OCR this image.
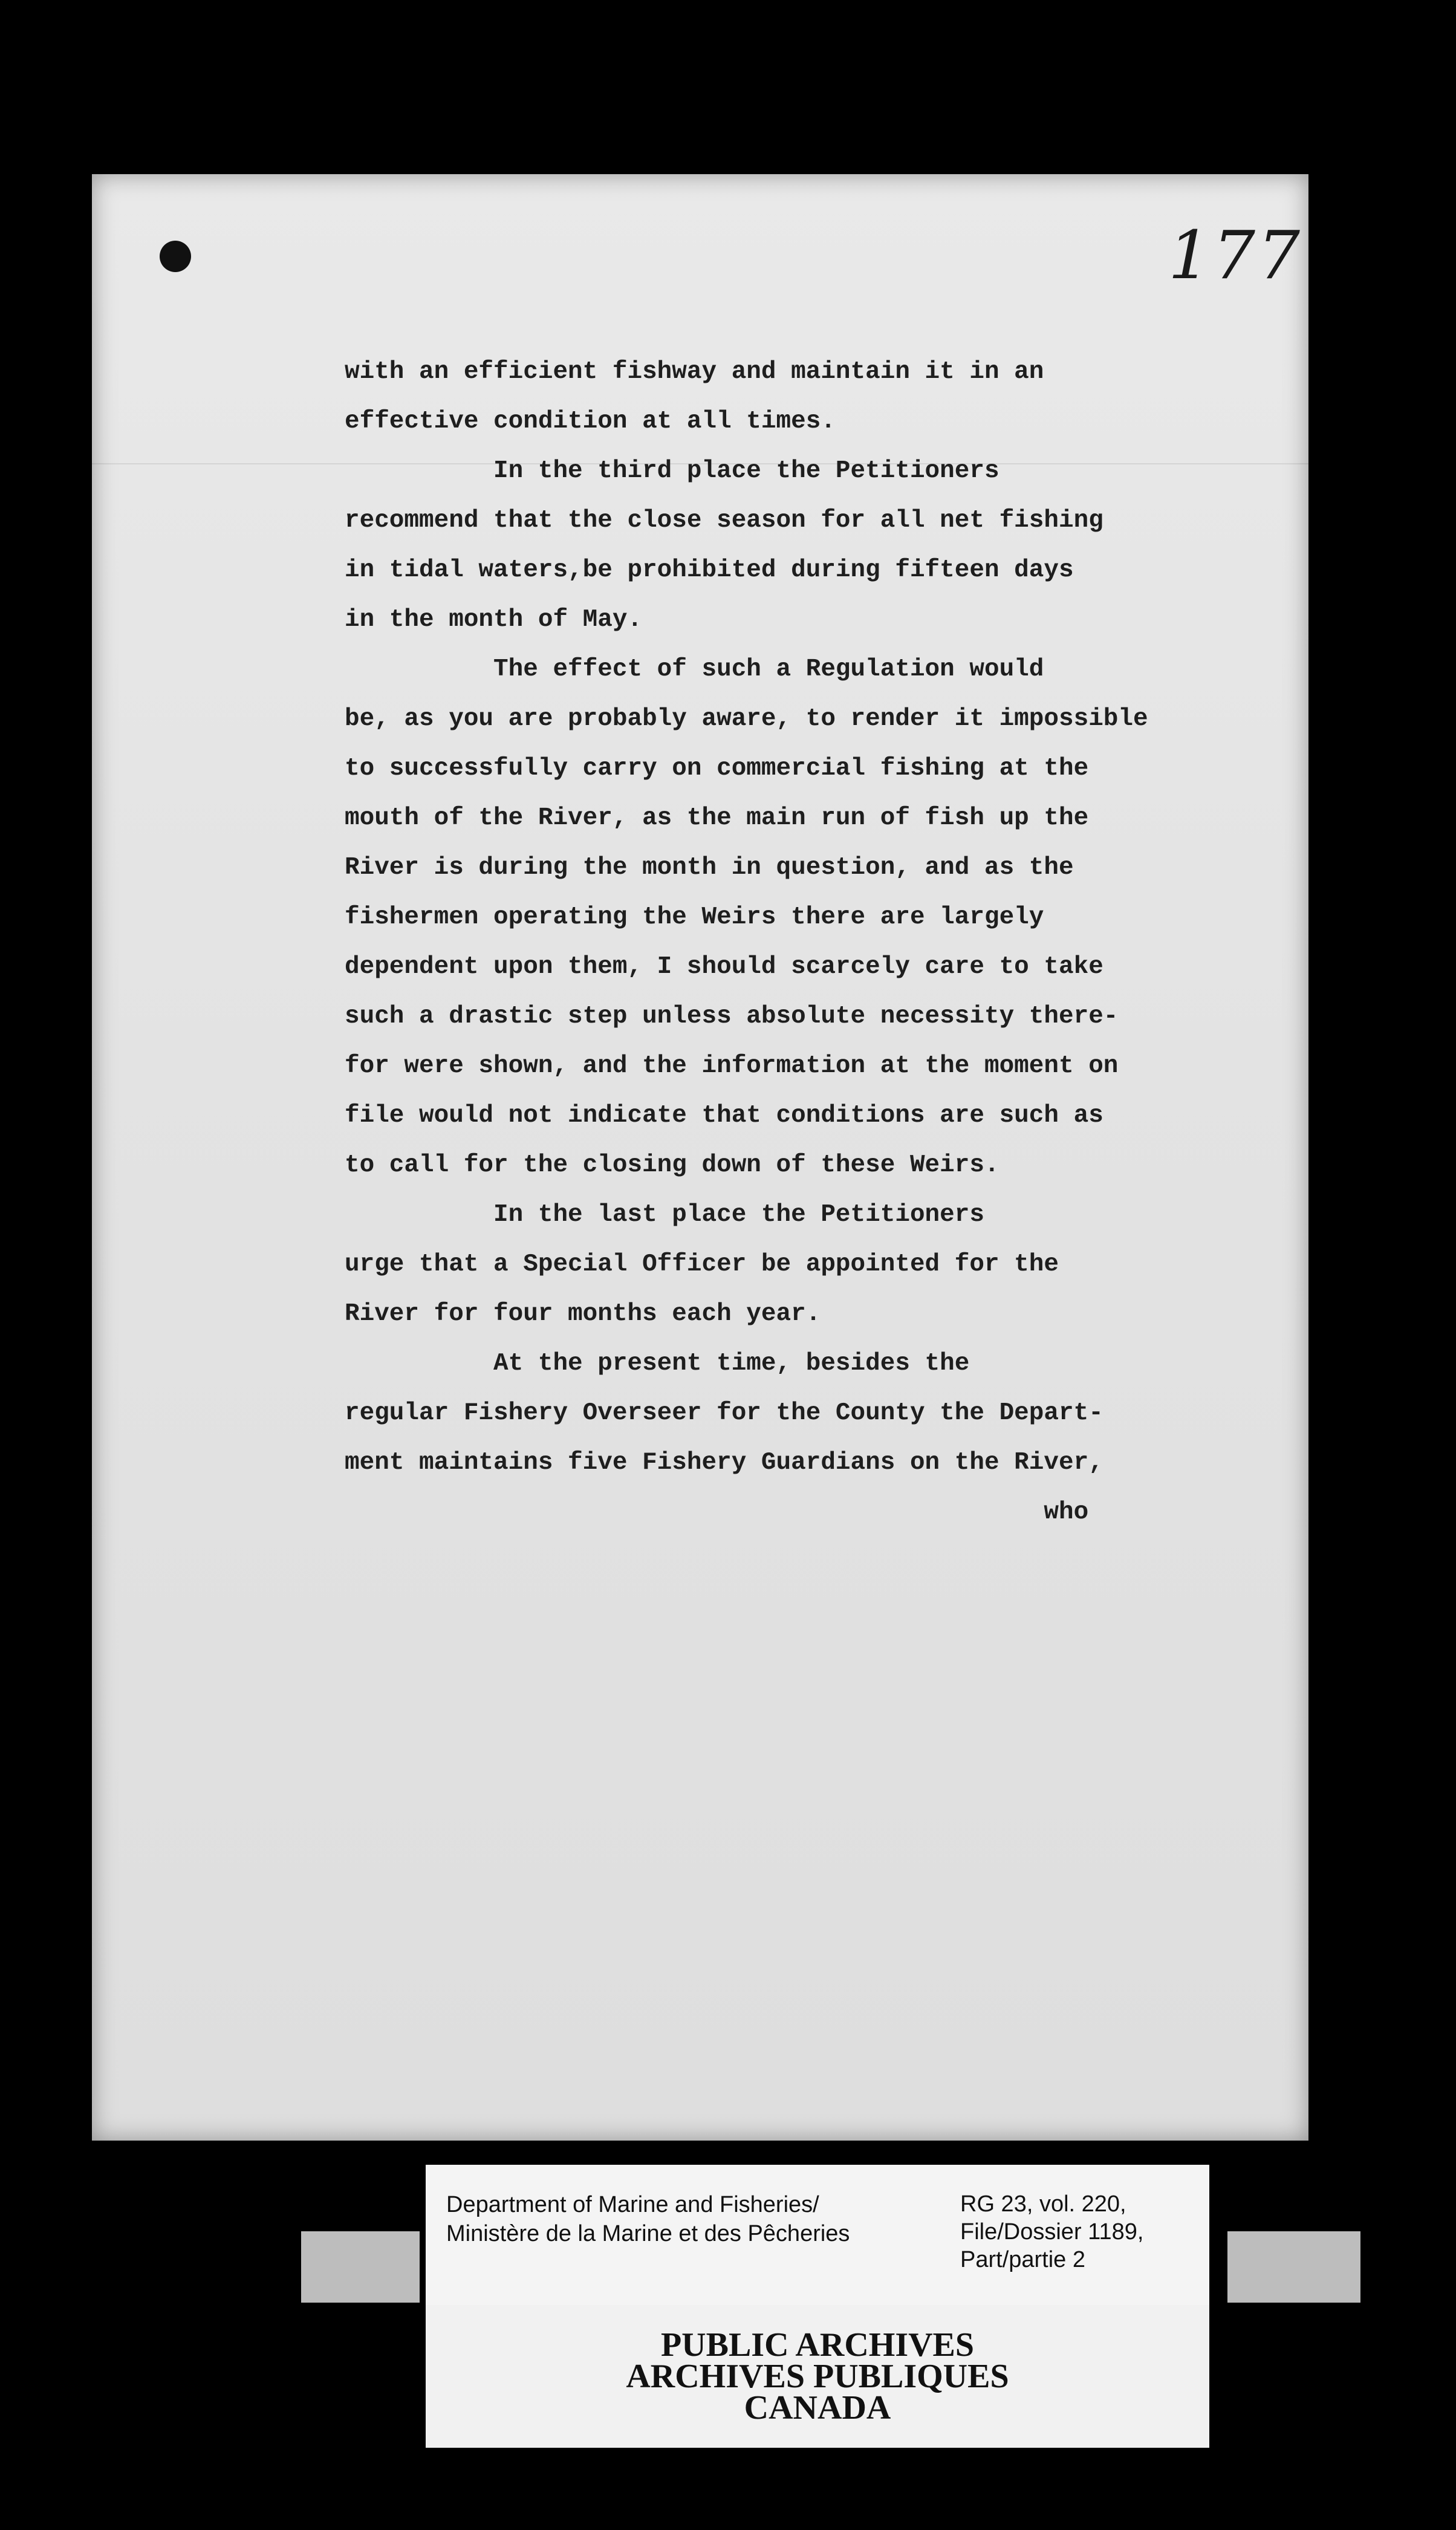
177
with an efficient fishway and maintain it in an
effective condition at all times.
In the third place the Petitioners
recommend that the close season for all net fishing
in tidal waters,be prohibited during fifteen days
in the month of May.
The effect of such a Regulation would
be, as you are probably aware, to render it impossible
to successfully carry on commercial fishing at the
mouth of the River, as the main run of fish up the
River is during the month in question, and as the
fishermen operating the Weirs there are largely
dependent upon them, I should scarcely care to take
such a drastic step unless absolute necessity there-
for were shown, and the information at the moment on
file would not indicate that conditions are such as
to call for the closing down of these Weirs.
In the last place the Petitioners
urge that a Special Officer be appointed for the
River for four months each year.
At the present time, besides the
regular Fishery Overseer for the County the Depart-
ment maintains five Fishery Guardians on the River,
who
Department of Marine and Fisheries/
Ministère de la Marine et des Pêcheries
RG 23, vol. 220,
File/Dossier 1189,
Part/partie 2
PUBLIC ARCHIVES
ARCHIVES PUBLIQUES
CANADA
